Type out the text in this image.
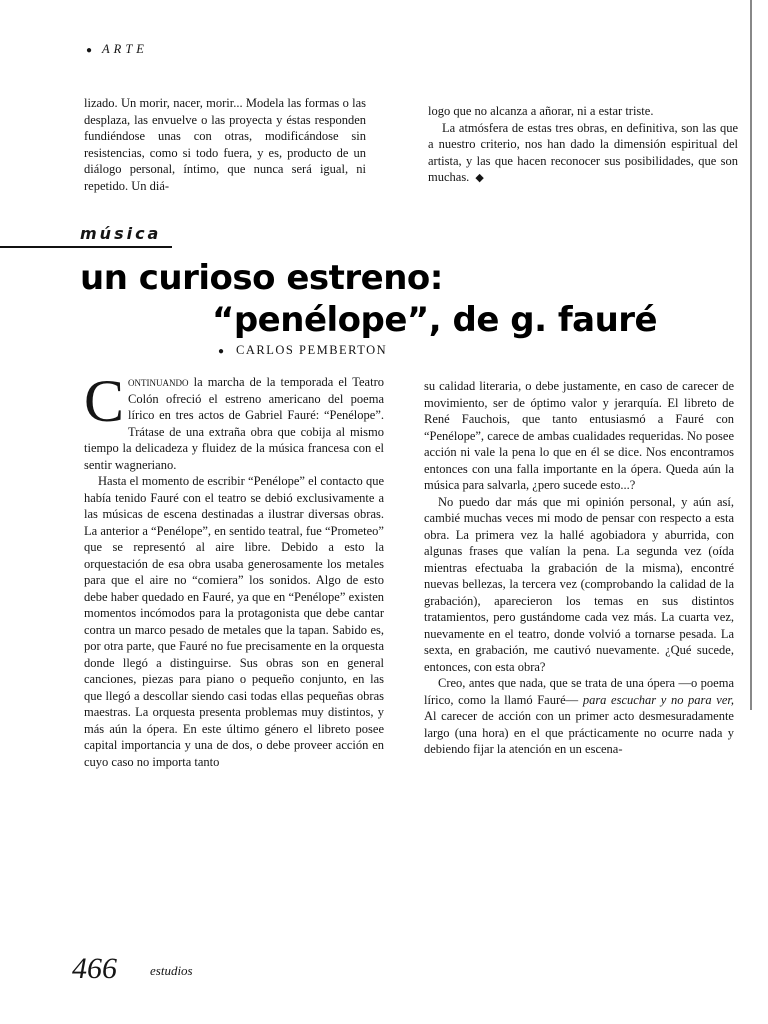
● ARTE

lizado. Un morir, nacer, morir... Modela las formas o las desplaza, las envuelve o las proyecta y éstas responden fundiéndose unas con otras, modificándose sin resistencias, como si todo fuera, y es, producto de un diálogo personal, íntimo, que nunca será igual, ni repetido. Un diá-

logo que no alcanza a añorar, ni a estar triste.

La atmósfera de estas tres obras, en definitiva, son las que a nuestro criterio, nos han dado la dimensión espiritual del artista, y las que hacen reconocer sus posibilidades, que son muchas. ◆

música
un curioso estreno:
“penélope”, de g. fauré
● CARLOS PEMBERTON

Continuando la marcha de la temporada el Teatro Colón ofreció el estreno americano del poema lírico en tres actos de Gabriel Fauré: “Penélope”. Trátase de una extraña obra que cobija al mismo tiempo la delicadeza y fluidez de la música francesa con el sentir wagneriano.

Hasta el momento de escribir “Penélope” el contacto que había tenido Fauré con el teatro se debió exclusivamente a las músicas de escena destinadas a ilustrar diversas obras. La anterior a “Penélope”, en sentido teatral, fue “Prometeo” que se representó al aire libre. Debido a esto la orquestación de esa obra usaba generosamente los metales para que el aire no “comiera” los sonidos. Algo de esto debe haber quedado en Fauré, ya que en “Penélope” existen momentos incómodos para la protagonista que debe cantar contra un marco pesado de metales que la tapan. Sabido es, por otra parte, que Fauré no fue precisamente en la orquesta donde llegó a distinguirse. Sus obras son en general canciones, piezas para piano o pequeño conjunto, en las que llegó a descollar siendo casi todas ellas pequeñas obras maestras. La orquesta presenta problemas muy distintos, y más aún la ópera. En este último género el libreto posee capital importancia y una de dos, o debe proveer acción en cuyo caso no importa tanto

su calidad literaria, o debe justamente, en caso de carecer de movimiento, ser de óptimo valor y jerarquía. El libreto de René Fauchois, que tanto entusiasmó a Fauré con “Penélope”, carece de ambas cualidades requeridas. No posee acción ni vale la pena lo que en él se dice. Nos encontramos entonces con una falla importante en la ópera. Queda aún la música para salvarla, ¿pero sucede esto...?

No puedo dar más que mi opinión personal, y aún así, cambié muchas veces mi modo de pensar con respecto a esta obra. La primera vez la hallé agobiadora y aburrida, con algunas frases que valían la pena. La segunda vez (oída mientras efectuaba la grabación de la misma), encontré nuevas bellezas, la tercera vez (comprobando la calidad de la grabación), aparecieron los temas en sus distintos tratamientos, pero gustándome cada vez más. La cuarta vez, nuevamente en el teatro, donde volvió a tornarse pesada. La sexta, en grabación, me cautivó nuevamente. ¿Qué sucede, entonces, con esta obra?

Creo, antes que nada, que se trata de una ópera —o poema lírico, como la llamó Fauré— para escuchar y no para ver, Al carecer de acción con un primer acto desmesuradamente largo (una hora) en el que prácticamente no ocurre nada y debiendo fijar la atención en un escena-

466	estudios
